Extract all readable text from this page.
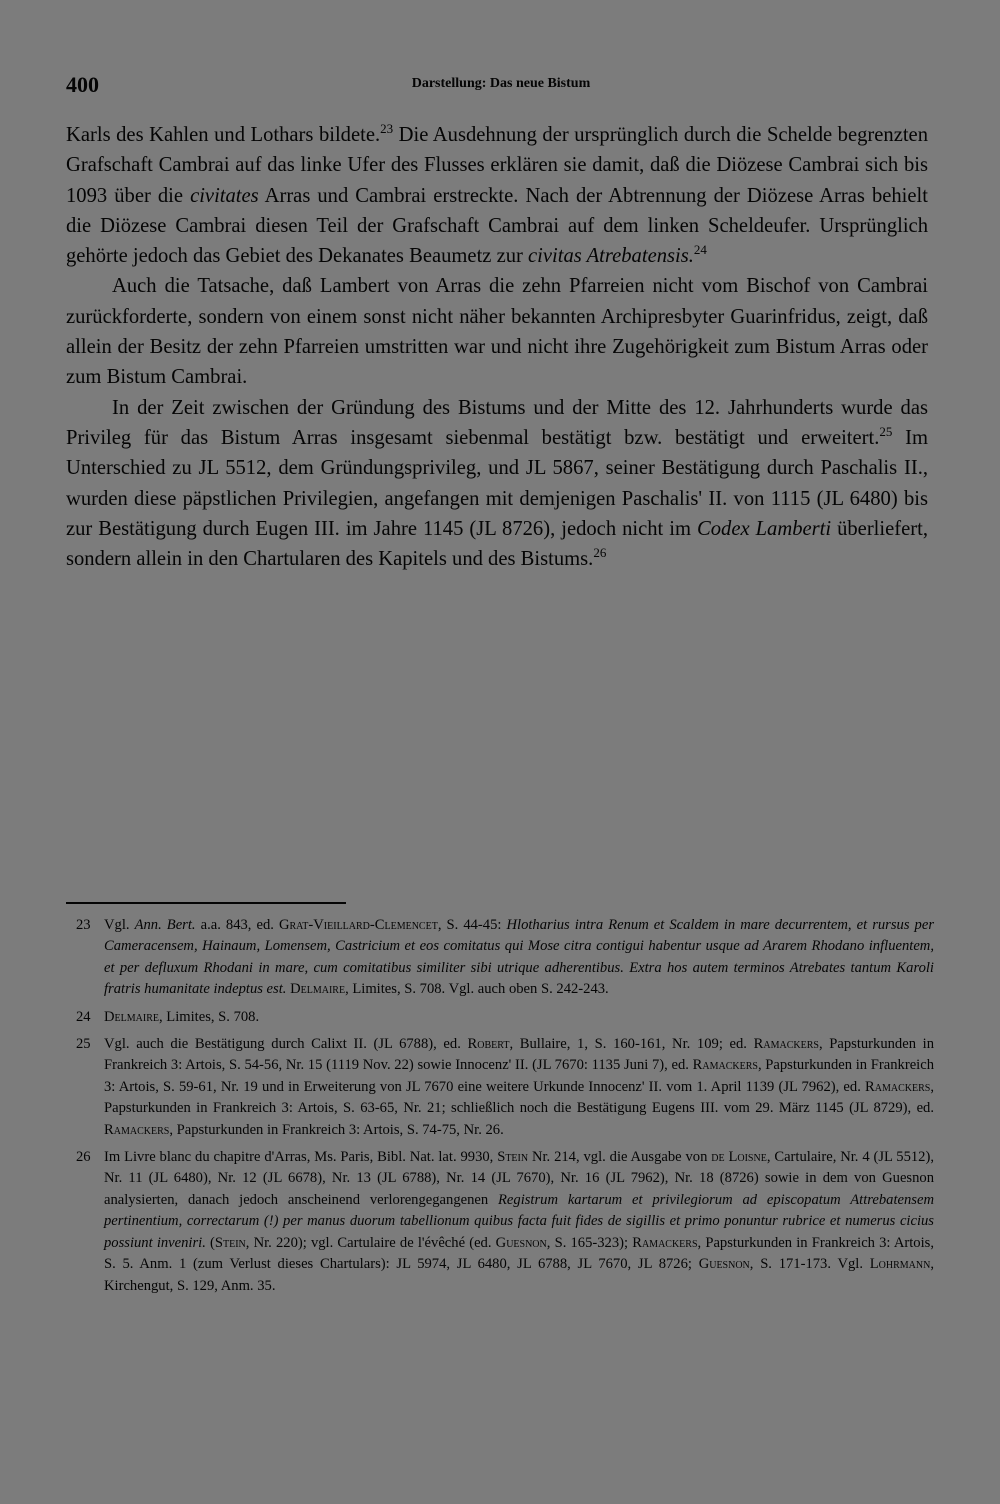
400	Darstellung: Das neue Bistum

Karls des Kahlen und Lothars bildete.$^{23}$ Die Ausdehnung der ursprünglich durch die Schelde begrenzten Grafschaft Cambrai auf das linke Ufer des Flusses erklären sie damit, daß die Diözese Cambrai sich bis 1093 über die civitates Arras und Cambrai erstreckte. Nach der Abtrennung der Diözese Arras behielt die Diözese Cambrai diesen Teil der Grafschaft Cambrai auf dem linken Scheldeufer. Ursprünglich gehörte jedoch das Gebiet des Dekanates Beaumetz zur civitas Atrebatensis.$^{24}$

Auch die Tatsache, daß Lambert von Arras die zehn Pfarreien nicht vom Bischof von Cambrai zurückforderte, sondern von einem sonst nicht näher bekannten Archipresbyter Guarinfridus, zeigt, daß allein der Besitz der zehn Pfarreien umstritten war und nicht ihre Zugehörigkeit zum Bistum Arras oder zum Bistum Cambrai.

In der Zeit zwischen der Gründung des Bistums und der Mitte des 12. Jahrhunderts wurde das Privileg für das Bistum Arras insgesamt siebenmal bestätigt bzw. bestätigt und erweitert.$^{25}$ Im Unterschied zu JL 5512, dem Gründungsprivileg, und JL 5867, seiner Bestätigung durch Paschalis II., wurden diese päpstlichen Privilegien, angefangen mit demjenigen Paschalis' II. von 1115 (JL 6480) bis zur Bestätigung durch Eugen III. im Jahre 1145 (JL 8726), jedoch nicht im Codex Lamberti überliefert, sondern allein in den Chartularen des Kapitels und des Bistums.$^{26}$

23 Vgl. Ann. Bert. a.a. 843, ed. Grat-Vieillard-Clemencet, S. 44-45: Hlotharius intra Renum et Scaldem in mare decurrentem, et rursus per Cameracensem, Hainaum, Lomensem, Castricium et eos comitatus qui Mose citra contigui habentur usque ad Ararem Rhodano influentem, et per defluxum Rhodani in mare, cum comitatibus similiter sibi utrique adherentibus. Extra hos autem terminos Atrebates tantum Karoli fratris humanitate indeptus est. Delmaire, Limites, S. 708. Vgl. auch oben S. 242-243.
24 Delmaire, Limites, S. 708.
25 Vgl. auch die Bestätigung durch Calixt II. (JL 6788), ed. Robert, Bullaire, 1, S. 160-161, Nr. 109; ed. Ramackers, Papsturkunden in Frankreich 3: Artois, S. 54-56, Nr. 15 (1119 Nov. 22) sowie Innocenz' II. (JL 7670: 1135 Juni 7), ed. Ramackers, Papsturkunden in Frankreich 3: Artois, S. 59-61, Nr. 19 und in Erweiterung von JL 7670 eine weitere Urkunde Innocenz' II. vom 1. April 1139 (JL 7962), ed. Ramackers, Papsturkunden in Frankreich 3: Artois, S. 63-65, Nr. 21; schließlich noch die Bestätigung Eugens III. vom 29. März 1145 (JL 8729), ed. Ramackers, Papsturkunden in Frankreich 3: Artois, S. 74-75, Nr. 26.
26 Im Livre blanc du chapitre d'Arras, Ms. Paris, Bibl. Nat. lat. 9930, Stein Nr. 214, vgl. die Ausgabe von de Loisne, Cartulaire, Nr. 4 (JL 5512), Nr. 11 (JL 6480), Nr. 12 (JL 6678), Nr. 13 (JL 6788), Nr. 14 (JL 7670), Nr. 16 (JL 7962), Nr. 18 (8726) sowie in dem von Guesnon analysierten, danach jedoch anscheinend verlorengegangenen Registrum kartarum et privilegiorum ad episcopatum Attrebatensem pertinentium, correctarum (!) per manus duorum tabellionum quibus facta fuit fides de sigillis et primo ponuntur rubrice et numerus cicius possiunt inveniri. (Stein, Nr. 220); vgl. Cartulaire de l'évêché (ed. Guesnon, S. 165-323); Ramackers, Papsturkunden in Frankreich 3: Artois, S. 5. Anm. 1 (zum Verlust dieses Chartulars): JL 5974, JL 6480, JL 6788, JL 7670, JL 8726; Guesnon, S. 171-173. Vgl. Lohrmann, Kirchengut, S. 129, Anm. 35.
